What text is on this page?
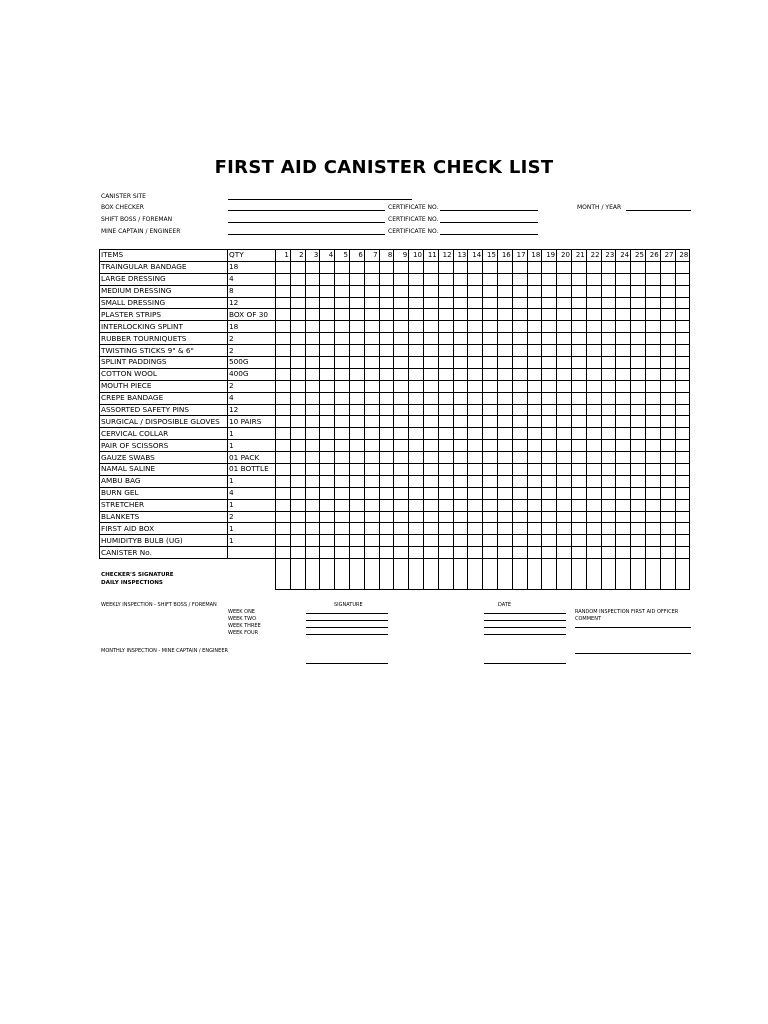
FIRST AID CANISTER CHECK LIST
CANISTER SITE
BOX CHECKER	CERTIFICATE NO.	MONTH / YEAR
SHIFT BOSS / FOREMAN	CERTIFICATE NO.
MINE CAPTAIN / ENGINEER	CERTIFICATE NO.
ITEMS	QTY	1	2	3	4	5	6	7	8	9	10	11	12	13	14	15	16	17	18	19	20	21	22	23	24	25	26	27	28
TRAINGULAR BANDAGE	18																												
LARGE DRESSING	4																												
MEDIUM DRESSING	8																												
SMALL DRESSING	12																												
PLASTER STRIPS	BOX OF 30																												
INTERLOCKING SPLINT	18																												
RUBBER TOURNIQUETS	2																												
TWISTING STICKS 9" & 6"	2																												
SPLINT PADDINGS	500G																												
COTTON WOOL	400G																												
MOUTH PIECE	2																												
CREPE BANDAGE	4																												
ASSORTED SAFETY PINS	12																												
SURGICAL / DISPOSIBLE GLOVES	10 PAIRS																												
CERVICAL COLLAR	1																												
PAIR OF SCISSORS	1																												
GAUZE SWABS	01 PACK																												
NAMAL SALINE	01 BOTTLE																												
AMBU BAG	1																												
BURN GEL	4																												
STRETCHER	1																												
BLANKETS	2																												
FIRST AID BOX	1																												
HUMIDITYB BULB (UG)	1																												
CANISTER No.																													

CHECKER'S SIGNATURE
DAILY INSPECTIONS
WEEKLY INSPECTION - SHIFT BOSS / FOREMAN	SIGNATURE	DATE
WEEK ONE
WEEK TWO
WEEK THREE
WEEK FOUR
RANDOM INSPECTION FIRST AID OFFICER
COMMENT
MONTHLY INSPECTION - MINE CAPTAIN / ENGINEER
